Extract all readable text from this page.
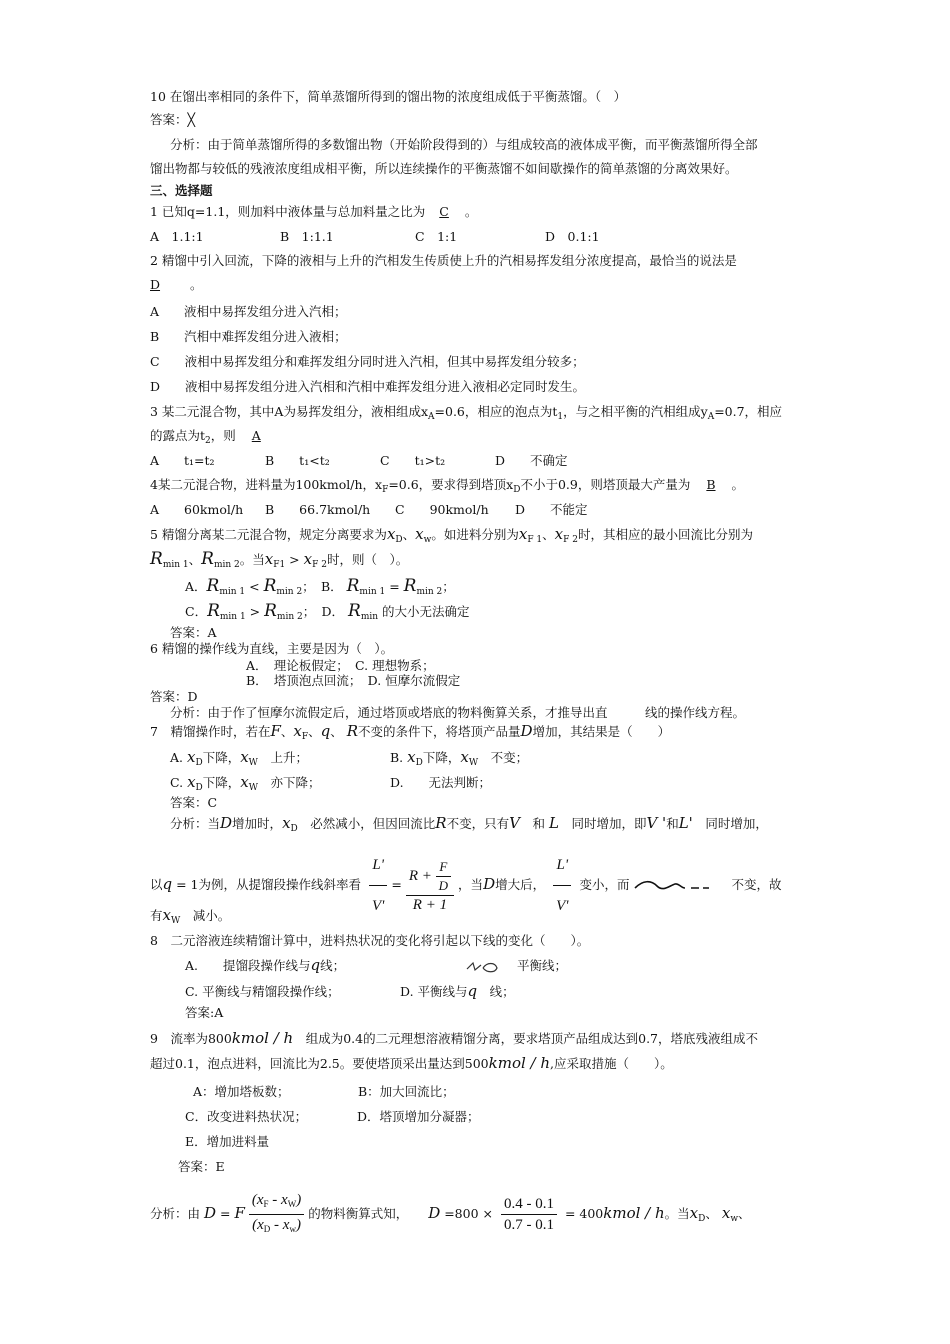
10 在馏出率相同的条件下，简单蒸馏所得到的馏出物的浓度组成低于平衡蒸馏。（　）
答案：╳
分析：由于简单蒸馏所得的多数馏出物（开始阶段得到的）与组成较高的液体成平衡，而平衡蒸馏所得全部
馏出物都与较低的残液浓度组成相平衡，所以连续操作的平衡蒸馏不如间歇操作的简单蒸馏的分离效果好。
三、选择题
1 已知q=1.1，则加料中液体量与总加料量之比为 C 。
A　1.1:1	B　1:1.1	C　1:1	D　0.1:1
2 精馏中引入回流，下降的液相与上升的汽相发生传质使上升的汽相易挥发组分浓度提高，最恰当的说法是
D 。
A　　液相中易挥发组分进入汽相；
B　　汽相中难挥发组分进入液相；
C　　液相中易挥发组分和难挥发组分同时进入汽相，但其中易挥发组分较多；
D　　液相中易挥发组分进入汽相和汽相中难挥发组分进入液相必定同时发生。
3 某二元混合物，其中A为易挥发组分，液相组成$x_A=0.6$，相应的泡点为$t_1$，与之相平衡的汽相组成$y_A=0.7$，相应
的露点为$t_2$，则 A
A　　t₁=t₂	B　　t₁<t₂	C　　t₁>t₂	D　　不确定
4某二元混合物，进料量为100kmol/h，$x_F=0.6$，要求得到塔顶$x_D$不小于0.9，则塔顶最大产量为 B 。
A　　60kmol/h B　　66.7kmol/h C　　90kmol/h D　　不能定
5 精馏分离某二元混合物，规定分离要求为$x_D$、$x_w$。如进料分别为$x_{F 1}$、$x_{F 2}$时，其相应的最小回流比分别为
$R_{min 1}$、$R_{min 2}$。当$x_{F1} > x_{F 2}$时，则（　）。
A．$R_{min 1} < R_{min 2}$；　B． $R_{min 1} = R_{min 2}$；
C．$R_{min 1} > R_{min 2}$；　D． $R_{min}$ 的大小无法确定
答案：A
6 精馏的操作线为直线，主要是因为（　）。
A．　理论板假定；　C. 理想物系；
B．　塔顶泡点回流；　D. 恒摩尔流假定
答案：D
分析：由于作了恒摩尔流假定后，通过塔顶或塔底的物料衡算关系，才推导出直　　　线的操作线方程。
7　精馏操作时，若在F、$x_F$、q、 R不变的条件下，将塔顶产品量D增加，其结果是（　　）
A. $x_D$下降，$x_W$　 上升；	B. $x_D$下降，$x_W$　 不变；
C. $x_D$下降，$x_W$　 亦下降；	D.　　无法判断；
答案：C
分析：当D增加时，$x_D$　 必然减小，但因回流比R不变，只有V　 和 L　 同时增加，即V '和L'　 同时增加，
以q = 1为例，从提馏段操作线斜率看 $\frac{L'}{V'} = \frac{R + \frac{F}{D}}{R + 1}$ ，当D增大后， $\frac{L'}{V'}$ 变小，而	不变，故
有$x_W$　 减小。
8　二元溶液连续精馏计算中，进料热状况的变化将引起以下线的变化（　　）。
A.　　提馏段操作线与q线；	平衡线；
C. 平衡线与精馏段操作线；	D. 平衡线与q　 线；
答案:A
9　流率为800kmol / h　 组成为0.4的二元理想溶液精馏分离，要求塔顶产品组成达到0.7，塔底残液组成不
超过0.1，泡点进料，回流比为2.5。要使塔顶采出量达到500kmol / h,应采取措施（　　）。
A：增加塔板数；	B：加大回流比；
C．改变进料热状况；	D．塔顶增加分凝器；
E．增加进料量
答案：E
分析：由 D = F $\frac{(x_F - x_W)}{(x_D - x_w)}$ 的物料衡算式知， $D =800 \times \frac{0.4 - 0.1}{0.7 - 0.1}$ = 400kmol / h。当$x_D$、 $x_w$、
